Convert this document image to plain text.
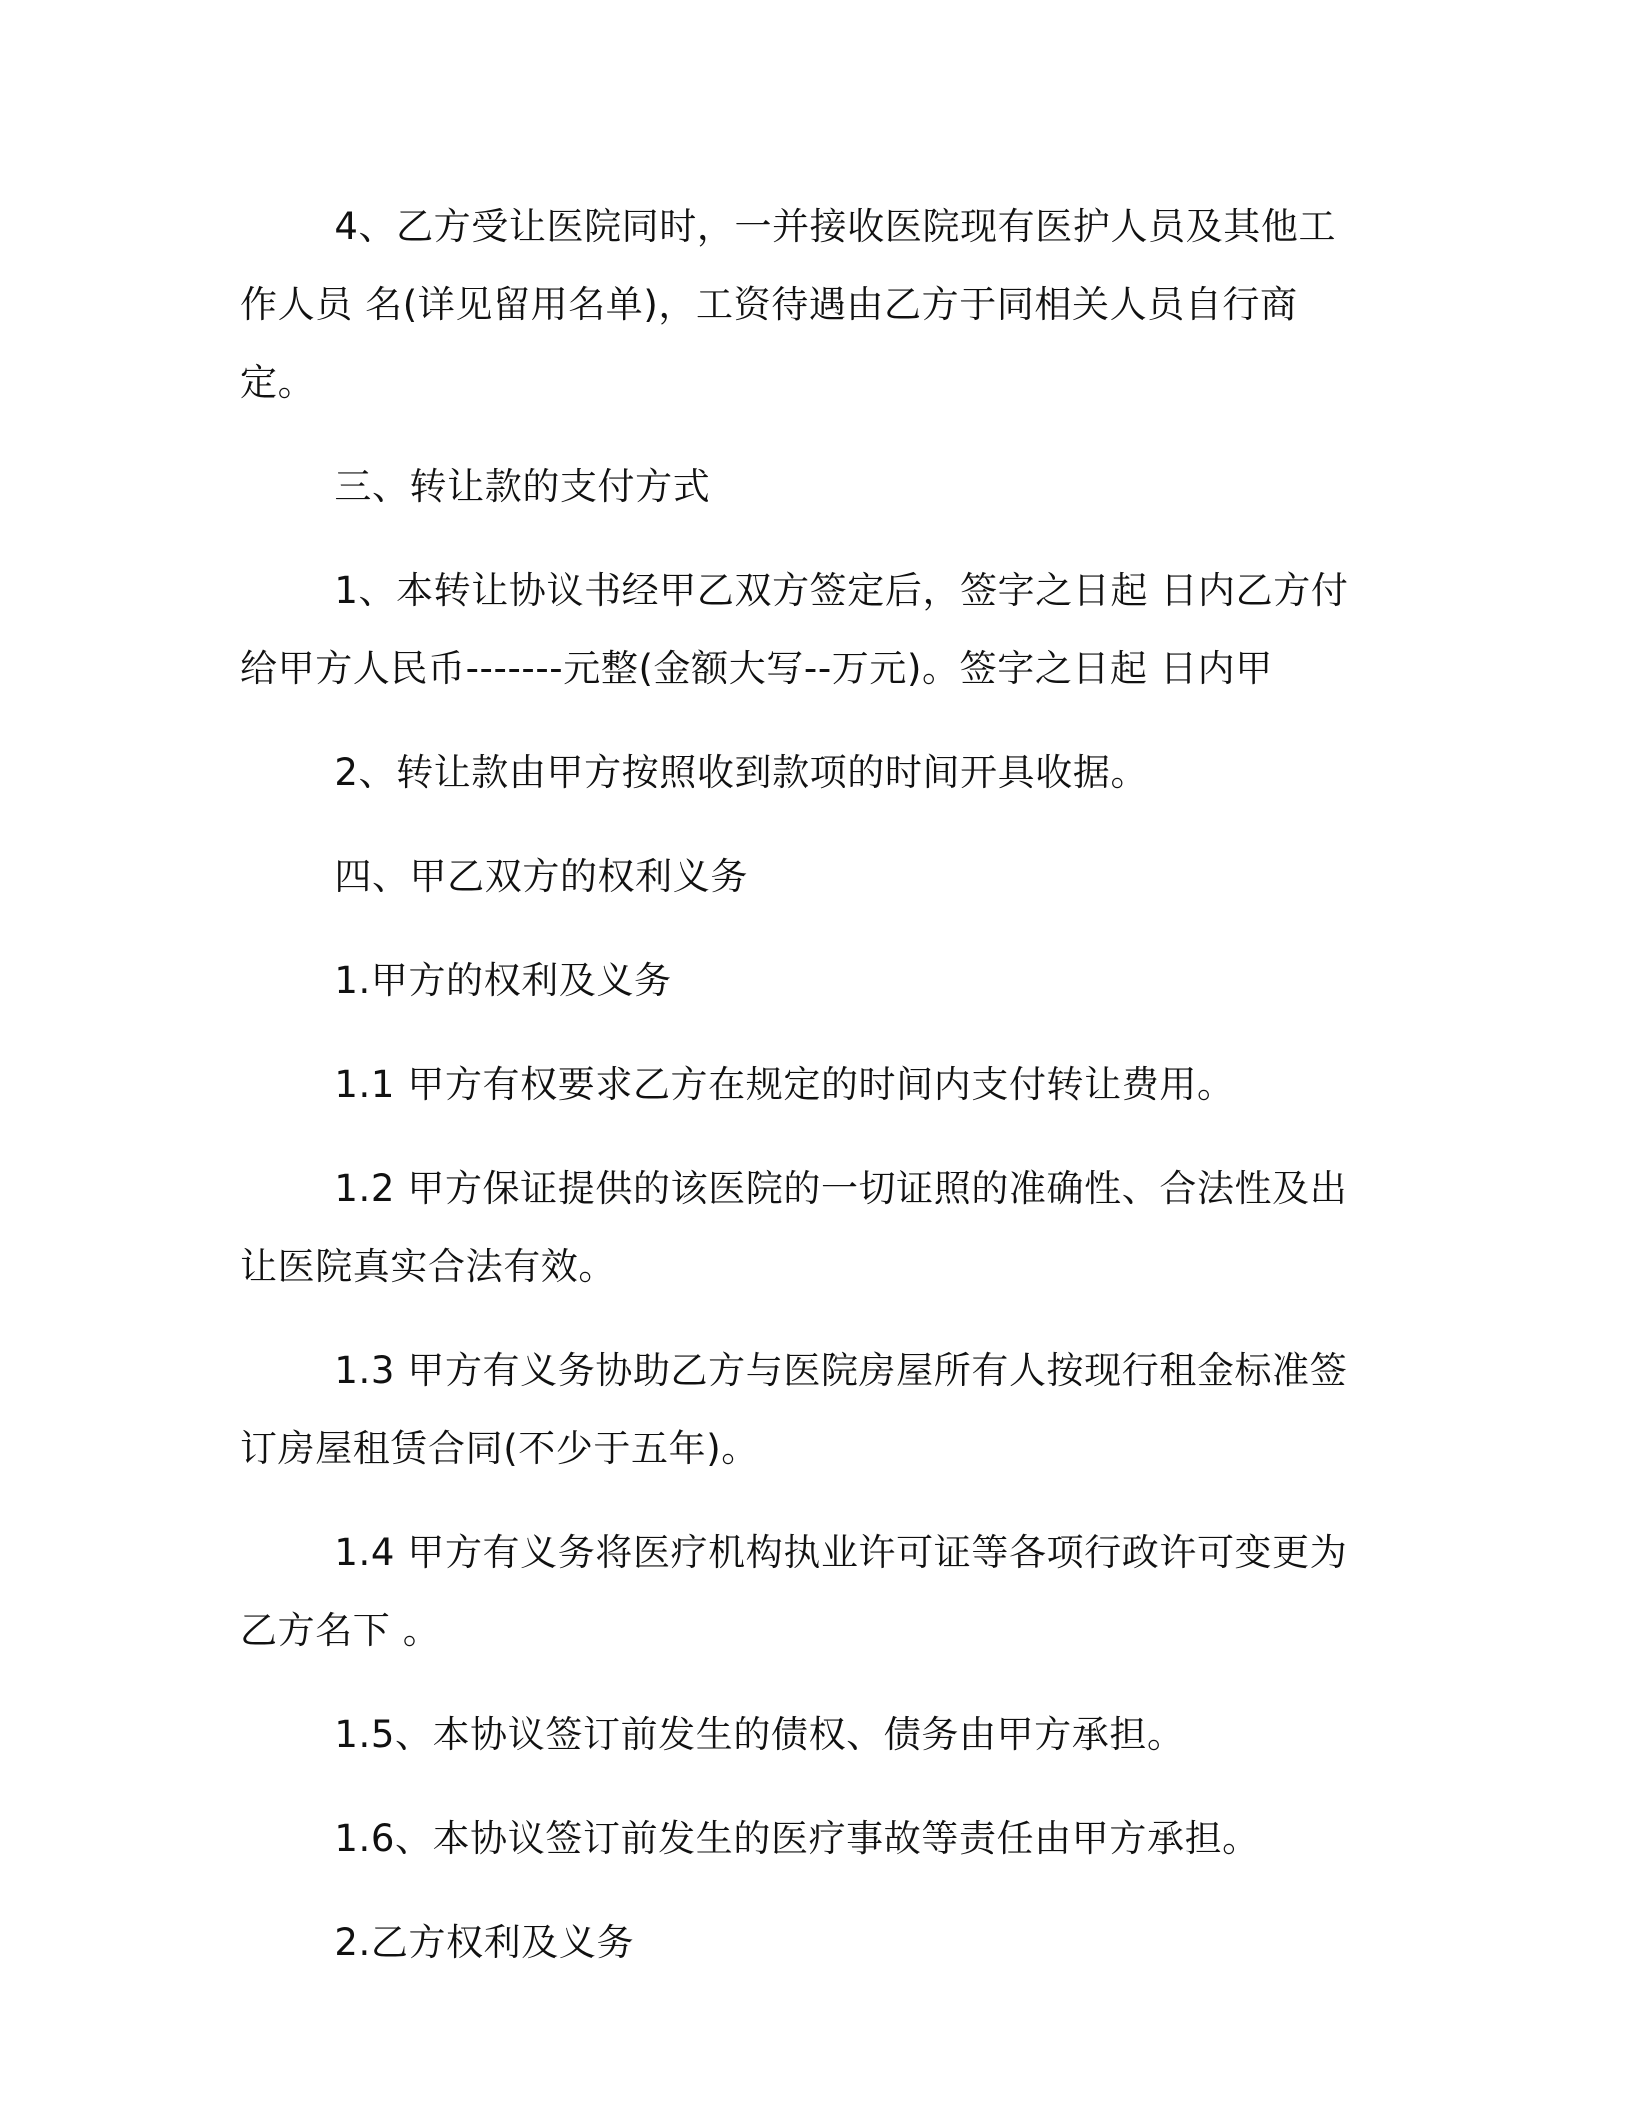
4、乙方受让医院同时，一并接收医院现有医护人员及其他工作人员 名(详见留用名单)，工资待遇由乙方于同相关人员自行商定。

三、转让款的支付方式

1、本转让协议书经甲乙双方签定后，签字之日起 日内乙方付给甲方人民币-------元整(金额大写--万元)。签字之日起 日内甲

2、转让款由甲方按照收到款项的时间开具收据。

四、甲乙双方的权利义务

1.甲方的权利及义务

1.1 甲方有权要求乙方在规定的时间内支付转让费用。

1.2 甲方保证提供的该医院的一切证照的准确性、合法性及出让医院真实合法有效。

1.3 甲方有义务协助乙方与医院房屋所有人按现行租金标准签订房屋租赁合同(不少于五年)。

1.4 甲方有义务将医疗机构执业许可证等各项行政许可变更为乙方名下 。

1.5、本协议签订前发生的债权、债务由甲方承担。

1.6、本协议签订前发生的医疗事故等责任由甲方承担。

2.乙方权利及义务
